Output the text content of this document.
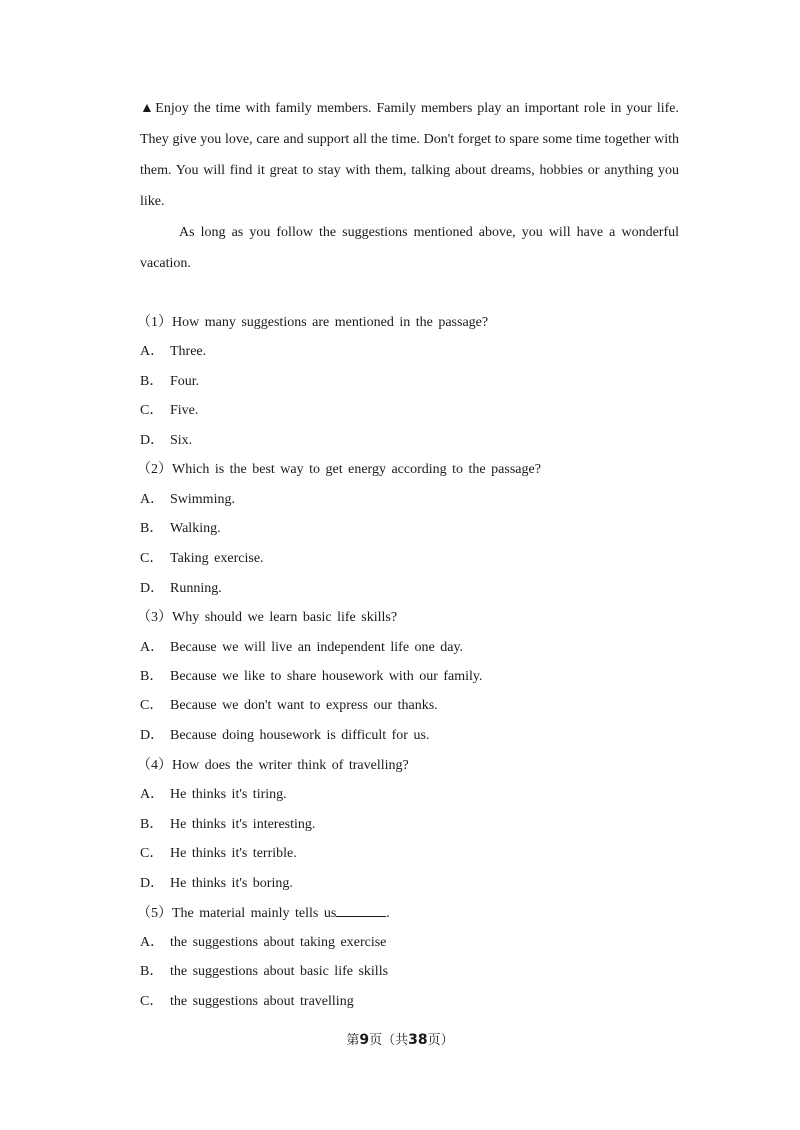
▲Enjoy the time with family members. Family members play an important role in your life. They give you love, care and support all the time. Don't forget to spare some time together with them. You will find it great to stay with them, talking about dreams, hobbies or anything you like.

As long as you follow the suggestions mentioned above, you will have a wonderful vacation.

（1）How many suggestions are mentioned in the passage?
A． Three.
B． Four.
C． Five.
D． Six.
（2）Which is the best way to get energy according to the passage?
A． Swimming.
B． Walking.
C． Taking exercise.
D． Running.
（3）Why should we learn basic life skills?
A． Because we will live an independent life one day.
B． Because we like to share housework with our family.
C． Because we don't want to express our thanks.
D． Because doing housework is difficult for us.
（4）How does the writer think of travelling?
A． He thinks it's tiring.
B． He thinks it's interesting.
C． He thinks it's terrible.
D． He thinks it's boring.
（5）The material mainly tells us	.
A． the suggestions about taking exercise
B． the suggestions about basic life skills
C． the suggestions about travelling
第9页（共38页）
